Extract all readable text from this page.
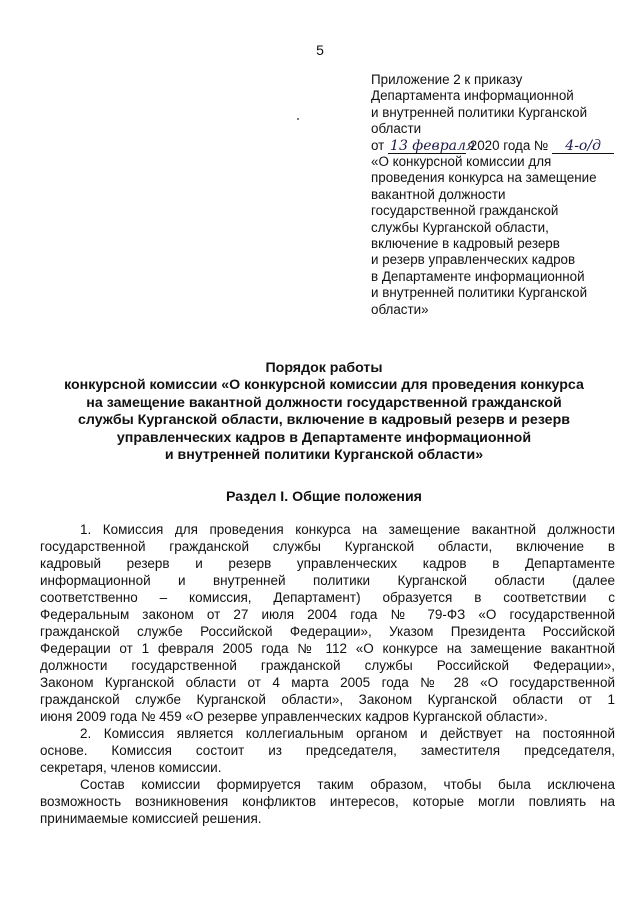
5
Приложение 2 к приказу
Департамента информационной
и внутренней политики Курганской
области
от 13 февраля 2020 года № 4-о/д
«О конкурсной комиссии для
проведения конкурса на замещение
вакантной должности
государственной гражданской
службы Курганской области,
включение в кадровый резерв
и резерв управленческих кадров
в Департаменте информационной
и внутренней политики Курганской
области»
Порядок работы
конкурсной комиссии «О конкурсной комиссии для проведения конкурса
на замещение вакантной должности государственной гражданской
службы Курганской области, включение в кадровый резерв и резерв
управленческих кадров в Департаменте информационной
и внутренней политики Курганской области»
Раздел I. Общие положения
1. Комиссия для проведения конкурса на замещение вакантной должности
государственной гражданской службы Курганской области, включение в
кадровый резерв и резерв управленческих кадров в Департаменте
информационной и внутренней политики Курганской области (далее
соответственно – комиссия, Департамент) образуется в соответствии с
Федеральным законом от 27 июля 2004 года № 79-ФЗ «О государственной
гражданской службе Российской Федерации», Указом Президента Российской
Федерации от 1 февраля 2005 года № 112 «О конкурсе на замещение вакантной
должности государственной гражданской службы Российской Федерации»,
Законом Курганской области от 4 марта 2005 года № 28 «О государственной
гражданской службе Курганской области», Законом Курганской области от 1
июня 2009 года № 459 «О резерве управленческих кадров Курганской области».
2. Комиссия является коллегиальным органом и действует на постоянной
основе. Комиссия состоит из председателя, заместителя председателя,
секретаря, членов комиссии.
Состав комиссии формируется таким образом, чтобы была исключена
возможность возникновения конфликтов интересов, которые могли повлиять на
принимаемые комиссией решения.
